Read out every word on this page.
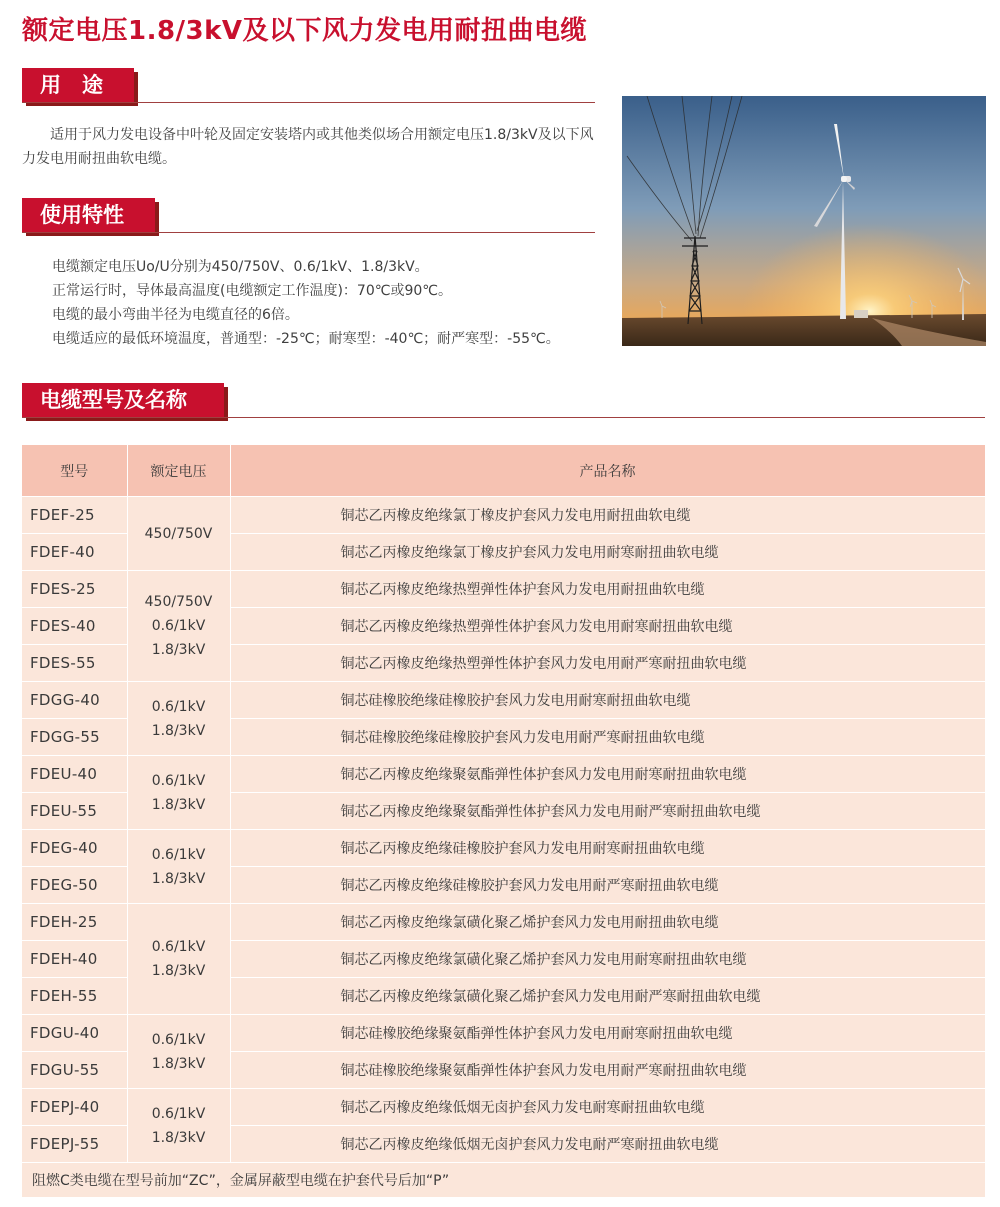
额定电压1.8/3kV及以下风力发电用耐扭曲电缆
用　途
适用于风力发电设备中叶轮及固定安装塔内或其他类似场合用额定电压1.8/3kV及以下风力发电用耐扭曲软电缆。
使用特性
电缆额定电压Uo/U分别为450/750V、0.6/1kV、1.8/3kV。
正常运行时，导体最高温度(电缆额定工作温度)：70℃或90℃。
电缆的最小弯曲半径为电缆直径的6倍。
电缆适应的最低环境温度，普通型：-25℃；耐寒型：-40℃；耐严寒型：-55℃。
电缆型号及名称
型号	额定电压	产品名称
FDEF-25	450/750V	铜芯乙丙橡皮绝缘氯丁橡皮护套风力发电用耐扭曲软电缆
FDEF-40		铜芯乙丙橡皮绝缘氯丁橡皮护套风力发电用耐寒耐扭曲软电缆
FDES-25	450/750V
0.6/1kV
1.8/3kV	铜芯乙丙橡皮绝缘热塑弹性体护套风力发电用耐扭曲软电缆
FDES-40		铜芯乙丙橡皮绝缘热塑弹性体护套风力发电用耐寒耐扭曲软电缆
FDES-55		铜芯乙丙橡皮绝缘热塑弹性体护套风力发电用耐严寒耐扭曲软电缆
FDGG-40	0.6/1kV
1.8/3kV	铜芯硅橡胶绝缘硅橡胶护套风力发电用耐寒耐扭曲软电缆
FDGG-55		铜芯硅橡胶绝缘硅橡胶护套风力发电用耐严寒耐扭曲软电缆
FDEU-40	0.6/1kV
1.8/3kV	铜芯乙丙橡皮绝缘聚氨酯弹性体护套风力发电用耐寒耐扭曲软电缆
FDEU-55		铜芯乙丙橡皮绝缘聚氨酯弹性体护套风力发电用耐严寒耐扭曲软电缆
FDEG-40	0.6/1kV
1.8/3kV	铜芯乙丙橡皮绝缘硅橡胶护套风力发电用耐寒耐扭曲软电缆
FDEG-50		铜芯乙丙橡皮绝缘硅橡胶护套风力发电用耐严寒耐扭曲软电缆
FDEH-25	0.6/1kV
1.8/3kV	铜芯乙丙橡皮绝缘氯磺化聚乙烯护套风力发电用耐扭曲软电缆
FDEH-40		铜芯乙丙橡皮绝缘氯磺化聚乙烯护套风力发电用耐寒耐扭曲软电缆
FDEH-55		铜芯乙丙橡皮绝缘氯磺化聚乙烯护套风力发电用耐严寒耐扭曲软电缆
FDGU-40	0.6/1kV
1.8/3kV	铜芯硅橡胶绝缘聚氨酯弹性体护套风力发电用耐寒耐扭曲软电缆
FDGU-55		铜芯硅橡胶绝缘聚氨酯弹性体护套风力发电用耐严寒耐扭曲软电缆
FDEPJ-40	0.6/1kV
1.8/3kV	铜芯乙丙橡皮绝缘低烟无卤护套风力发电耐寒耐扭曲软电缆
FDEPJ-55		铜芯乙丙橡皮绝缘低烟无卤护套风力发电耐严寒耐扭曲软电缆
阻燃C类电缆在型号前加“ZC”，金属屏蔽型电缆在护套代号后加“P”		
